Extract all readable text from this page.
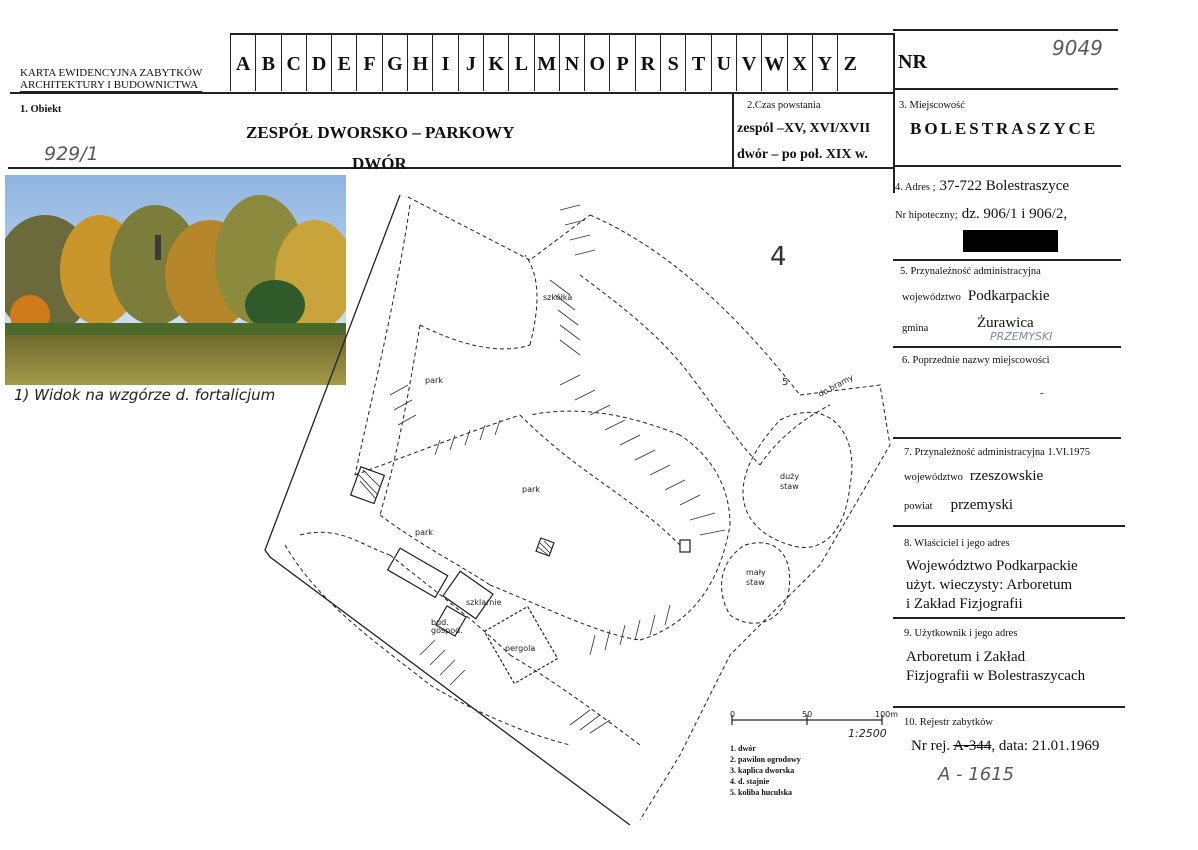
KARTA EWIDENCYJNA ZABYTKÓW
ARCHITEKTURY I BUDOWNICTWA
A B C D E F G H I J K L M N O P R S T U V W X Y Z NR
9049
1. Obiekt
ZESPÓŁ DWORSKO – PARKOWY
DWÓR
929/1
2.Czas powstania
zespól –XV, XVI/XVII
dwór – po poł. XIX w.
3. Miejscowość
BOLESTRASZYCE
4. Adres ; 37-722 Bolestraszyce
Nr hipoteczny; dz. 906/1 i 906/2,
5. Przynależność administracyjna
województwo Podkarpackie
gmina	Żurawica
PRZEMYSKI
6. Poprzednie nazwy miejscowości
-
7. Przynależność administracyjna 1.VI.1975
województwo rzeszowskie
powiat przemyski
8. Właściciel i jego adres
Województwo Podkarpackie
użyt. wieczysty: Arboretum
i Zakład Fizjografii
9. Użytkownik i jego adres
Arboretum i Zakład
Fizjografii w Bolestraszycach
10. Rejestr zabytków
Nr rej. A-344, data: 21.01.1969
A - 1615
1) Widok na wzgórze d. fortalicjum
szkółka
park
park
park
duży
staw
mały
staw
szklarnie
bud.
gospod.
pergola
do bramy
4
5
0	50	100m
1:2500
1. dwór
2. pawilon ogrodowy
3. kaplica dworska
4. d. stajnie
5. koliba huculska
